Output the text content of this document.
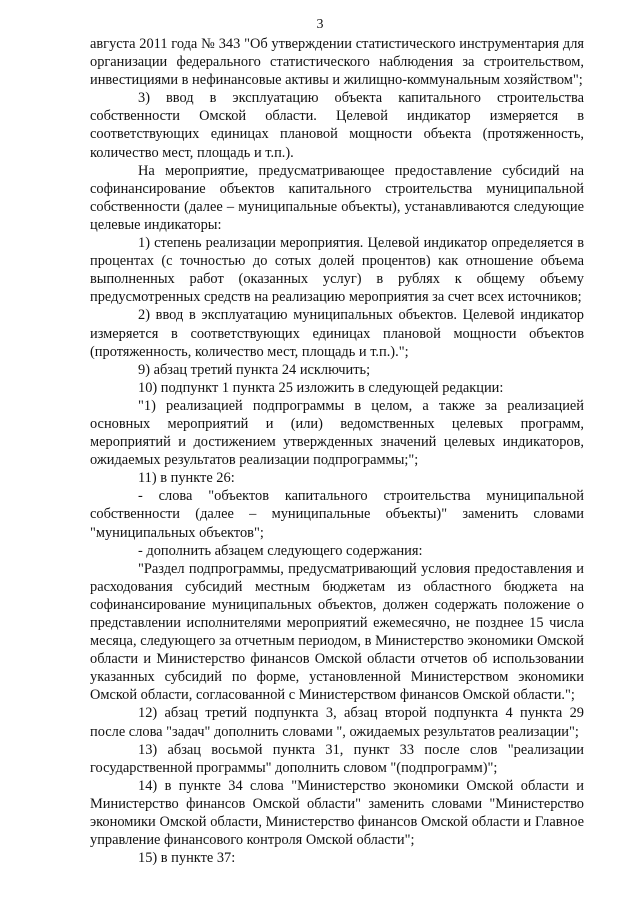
3

августа 2011 года № 343 "Об утверждении статистического инструментария для организации федерального статистического наблюдения за строительством, инвестициями в нефинансовые активы и жилищно-коммунальным хозяйством";

3) ввод в эксплуатацию объекта капитального строительства собственности Омской области. Целевой индикатор измеряется в соответствующих единицах плановой мощности объекта (протяженность, количество мест, площадь и т.п.).

На мероприятие, предусматривающее предоставление субсидий на софинансирование объектов капитального строительства муниципальной собственности (далее – муниципальные объекты), устанавливаются следующие целевые индикаторы:

1) степень реализации мероприятия. Целевой индикатор определяется в процентах (с точностью до сотых долей процентов) как отношение объема выполненных работ (оказанных услуг) в рублях к общему объему предусмотренных средств на реализацию мероприятия за счет всех источников;

2) ввод в эксплуатацию муниципальных объектов. Целевой индикатор измеряется в соответствующих единицах плановой мощности объектов (протяженность, количество мест, площадь и т.п.).";

9) абзац третий пункта 24 исключить;

10) подпункт 1 пункта 25 изложить в следующей редакции:

"1) реализацией подпрограммы в целом, а также за реализацией основных мероприятий и (или) ведомственных целевых программ, мероприятий и достижением утвержденных значений целевых индикаторов, ожидаемых результатов реализации подпрограммы;";

11) в пункте 26:

- слова "объектов капитального строительства муниципальной собственности (далее – муниципальные объекты)" заменить словами "муниципальных объектов";

- дополнить абзацем следующего содержания:

"Раздел подпрограммы, предусматривающий условия предоставления и расходования субсидий местным бюджетам из областного бюджета на софинансирование муниципальных объектов, должен содержать положение о представлении исполнителями мероприятий ежемесячно, не позднее 15 числа месяца, следующего за отчетным периодом, в Министерство экономики Омской области и Министерство финансов Омской области отчетов об использовании указанных субсидий по форме, установленной Министерством экономики Омской области, согласованной с Министерством финансов Омской области.";

12) абзац третий подпункта 3, абзац второй подпункта 4 пункта 29 после слова "задач" дополнить словами ", ожидаемых результатов реализации";

13) абзац восьмой пункта 31, пункт 33 после слов "реализации государственной программы" дополнить словом "(подпрограмм)";

14) в пункте 34 слова "Министерство экономики Омской области и Министерство финансов Омской области" заменить словами "Министерство экономики Омской области, Министерство финансов Омской области и Главное управление финансового контроля Омской области";

15) в пункте 37:
